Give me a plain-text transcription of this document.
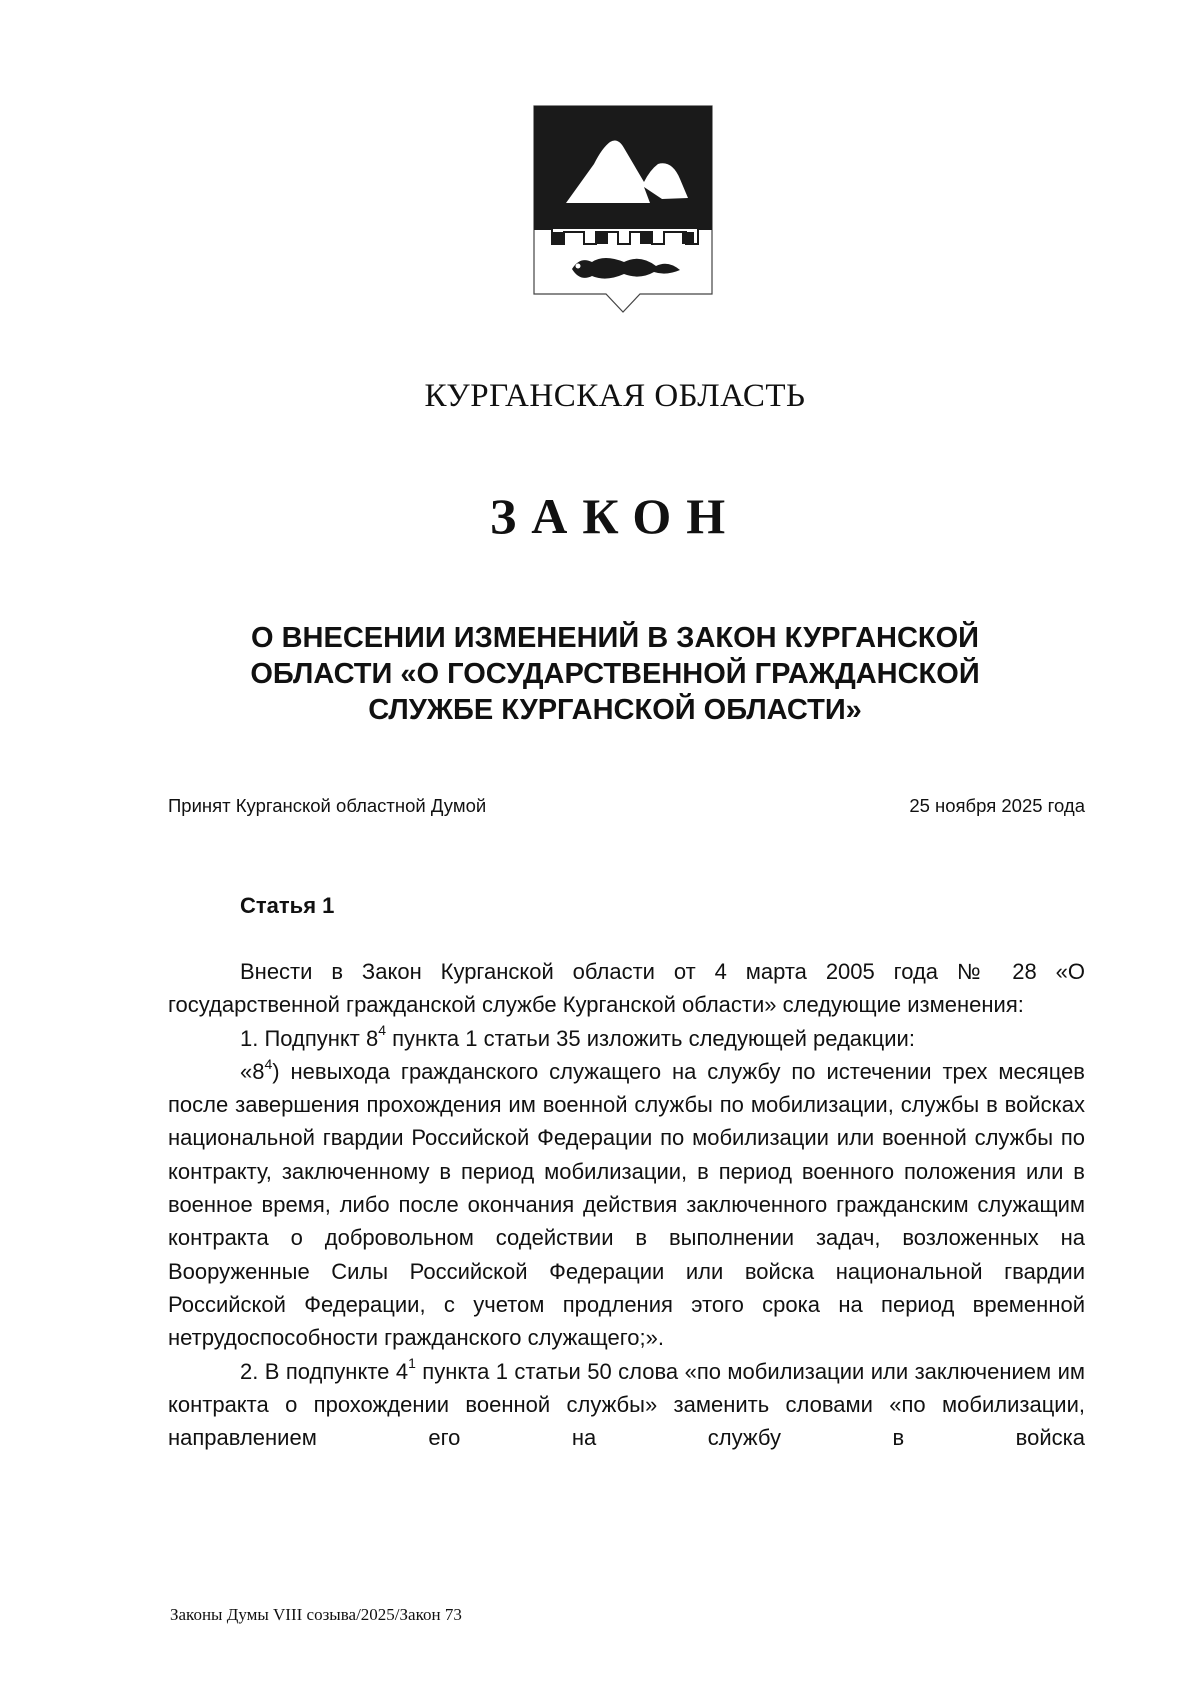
КУРГАНСКАЯ ОБЛАСТЬ
ЗАКОН
О ВНЕСЕНИИ ИЗМЕНЕНИЙ В ЗАКОН КУРГАНСКОЙ
ОБЛАСТИ «О ГОСУДАРСТВЕННОЙ ГРАЖДАНСКОЙ
СЛУЖБЕ КУРГАНСКОЙ ОБЛАСТИ»
Принят Курганской областной Думой	25 ноября 2025 года
Статья 1

Внести в Закон Курганской области от 4 марта 2005 года № 28 «О государственной гражданской службе Курганской области» следующие изменения:

1. Подпункт $8^4$ пункта 1 статьи 35 изложить следующей редакции:

«$8^4$) невыхода гражданского служащего на службу по истечении трех месяцев после завершения прохождения им военной службы по мобилизации, службы в войсках национальной гвардии Российской Федерации по мобилизации или военной службы по контракту, заключенному в период мобилизации, в период военного положения или в военное время, либо после окончания действия заключенного гражданским служащим контракта о добровольном содействии в выполнении задач, возложенных на Вооруженные Силы Российской Федерации или войска национальной гвардии Российской Федерации, с учетом продления этого срока на период временной нетрудоспособности гражданского служащего;».

2. В подпункте $4^1$ пункта 1 статьи 50 слова «по мобилизации или заключением им контракта о прохождении военной службы» заменить словами «по мобилизации, направлением его на службу в войска

Законы Думы VIII созыва/2025/Закон 73
